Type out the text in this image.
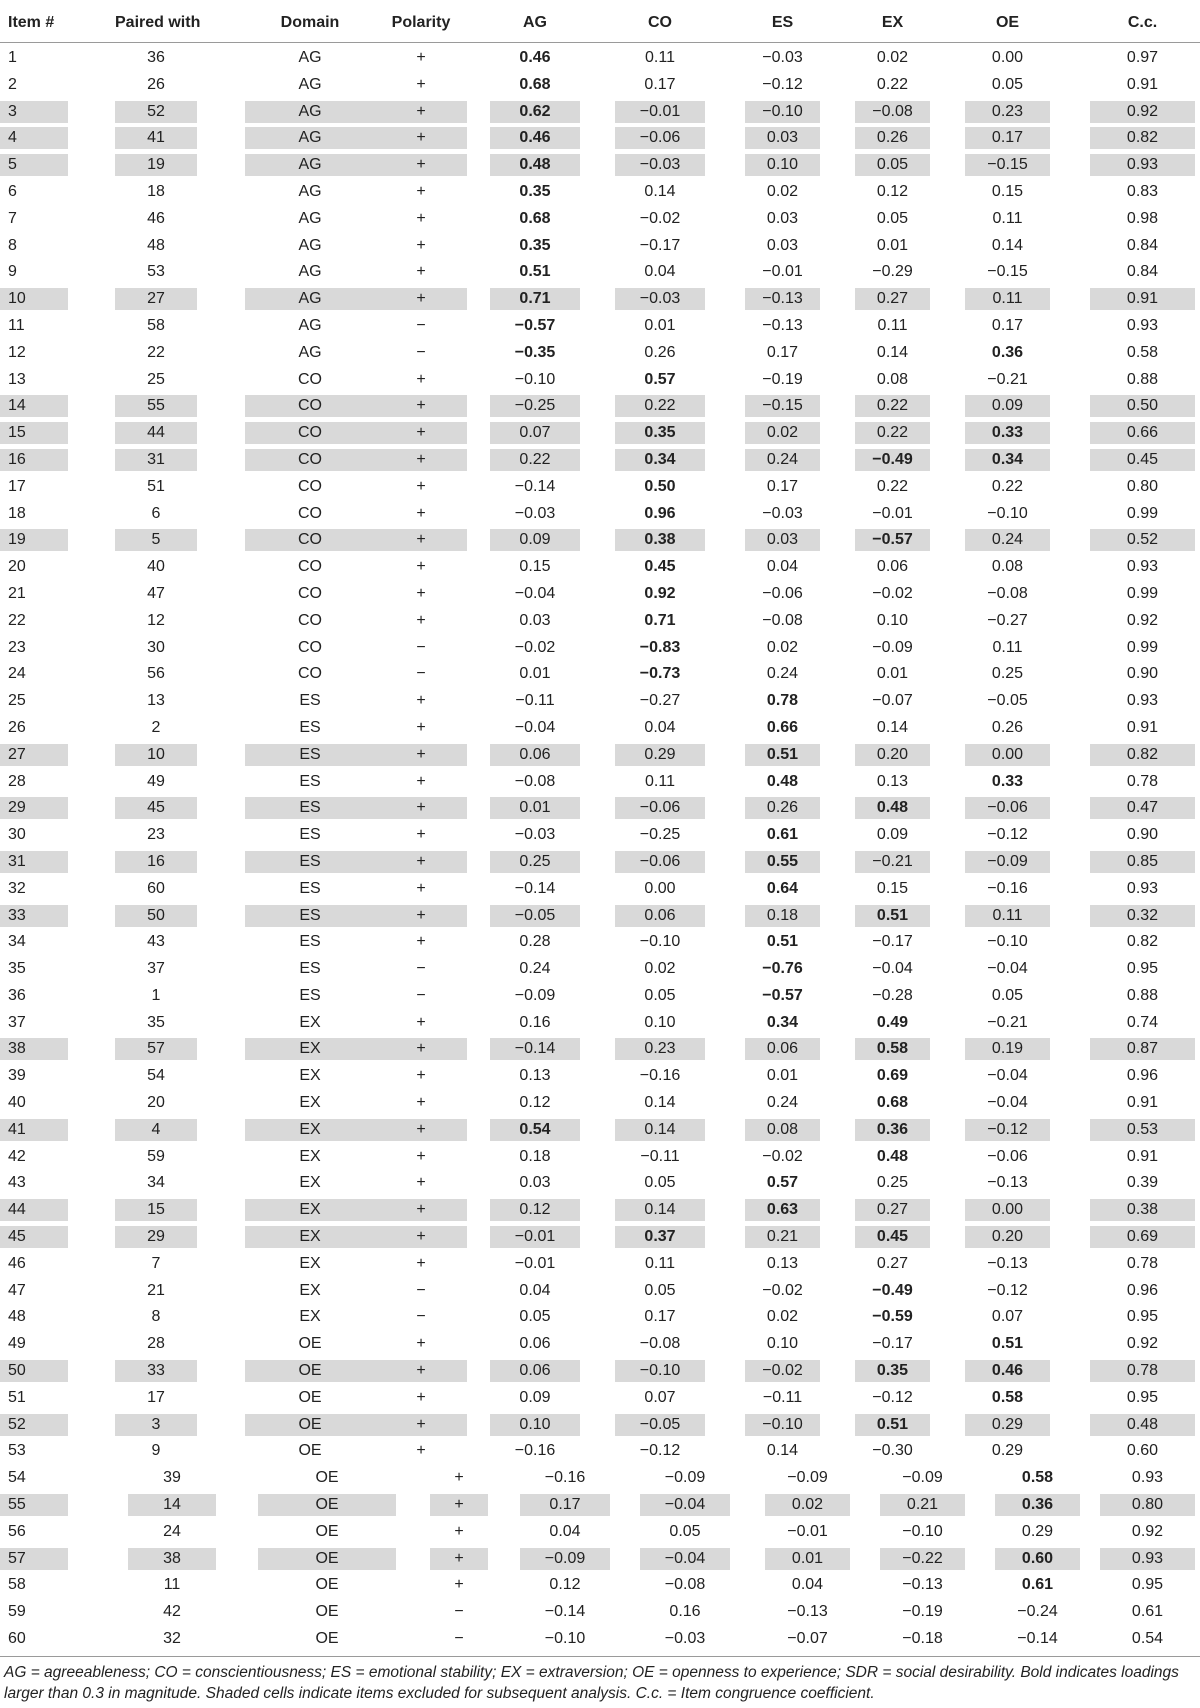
Item #	Paired with	Domain	Polarity	AG	CO	ES	EX	OE	C.c.
1	36	AG	+	0.46	0.11	−0.03	0.02	0.00	0.97
2	26	AG	+	0.68	0.17	−0.12	0.22	0.05	0.91
3	52	AG	+	0.62	−0.01	−0.10	−0.08	0.23	0.92
4	41	AG	+	0.46	−0.06	0.03	0.26	0.17	0.82
5	19	AG	+	0.48	−0.03	0.10	0.05	−0.15	0.93
6	18	AG	+	0.35	0.14	0.02	0.12	0.15	0.83
7	46	AG	+	0.68	−0.02	0.03	0.05	0.11	0.98
8	48	AG	+	0.35	−0.17	0.03	0.01	0.14	0.84
9	53	AG	+	0.51	0.04	−0.01	−0.29	−0.15	0.84
10	27	AG	+	0.71	−0.03	−0.13	0.27	0.11	0.91
11	58	AG	−	−0.57	0.01	−0.13	0.11	0.17	0.93
12	22	AG	−	−0.35	0.26	0.17	0.14	0.36	0.58
13	25	CO	+	−0.10	0.57	−0.19	0.08	−0.21	0.88
14	55	CO	+	−0.25	0.22	−0.15	0.22	0.09	0.50
15	44	CO	+	0.07	0.35	0.02	0.22	0.33	0.66
16	31	CO	+	0.22	0.34	0.24	−0.49	0.34	0.45
17	51	CO	+	−0.14	0.50	0.17	0.22	0.22	0.80
18	6	CO	+	−0.03	0.96	−0.03	−0.01	−0.10	0.99
19	5	CO	+	0.09	0.38	0.03	−0.57	0.24	0.52
20	40	CO	+	0.15	0.45	0.04	0.06	0.08	0.93
21	47	CO	+	−0.04	0.92	−0.06	−0.02	−0.08	0.99
22	12	CO	+	0.03	0.71	−0.08	0.10	−0.27	0.92
23	30	CO	−	−0.02	−0.83	0.02	−0.09	0.11	0.99
24	56	CO	−	0.01	−0.73	0.24	0.01	0.25	0.90
25	13	ES	+	−0.11	−0.27	0.78	−0.07	−0.05	0.93
26	2	ES	+	−0.04	0.04	0.66	0.14	0.26	0.91
27	10	ES	+	0.06	0.29	0.51	0.20	0.00	0.82
28	49	ES	+	−0.08	0.11	0.48	0.13	0.33	0.78
29	45	ES	+	0.01	−0.06	0.26	0.48	−0.06	0.47
30	23	ES	+	−0.03	−0.25	0.61	0.09	−0.12	0.90
31	16	ES	+	0.25	−0.06	0.55	−0.21	−0.09	0.85
32	60	ES	+	−0.14	0.00	0.64	0.15	−0.16	0.93
33	50	ES	+	−0.05	0.06	0.18	0.51	0.11	0.32
34	43	ES	+	0.28	−0.10	0.51	−0.17	−0.10	0.82
35	37	ES	−	0.24	0.02	−0.76	−0.04	−0.04	0.95
36	1	ES	−	−0.09	0.05	−0.57	−0.28	0.05	0.88
37	35	EX	+	0.16	0.10	0.34	0.49	−0.21	0.74
38	57	EX	+	−0.14	0.23	0.06	0.58	0.19	0.87
39	54	EX	+	0.13	−0.16	0.01	0.69	−0.04	0.96
40	20	EX	+	0.12	0.14	0.24	0.68	−0.04	0.91
41	4	EX	+	0.54	0.14	0.08	0.36	−0.12	0.53
42	59	EX	+	0.18	−0.11	−0.02	0.48	−0.06	0.91
43	34	EX	+	0.03	0.05	0.57	0.25	−0.13	0.39
44	15	EX	+	0.12	0.14	0.63	0.27	0.00	0.38
45	29	EX	+	−0.01	0.37	0.21	0.45	0.20	0.69
46	7	EX	+	−0.01	0.11	0.13	0.27	−0.13	0.78
47	21	EX	−	0.04	0.05	−0.02	−0.49	−0.12	0.96
48	8	EX	−	0.05	0.17	0.02	−0.59	0.07	0.95
49	28	OE	+	0.06	−0.08	0.10	−0.17	0.51	0.92
50	33	OE	+	0.06	−0.10	−0.02	0.35	0.46	0.78
51	17	OE	+	0.09	0.07	−0.11	−0.12	0.58	0.95
52	3	OE	+	0.10	−0.05	−0.10	0.51	0.29	0.48
53	9	OE	+	−0.16	−0.12	0.14	−0.30	0.29	0.60
54	39	OE	+	−0.16	−0.09	−0.09	−0.09	0.58	0.93
55	14	OE	+	0.17	−0.04	0.02	0.21	0.36	0.80
56	24	OE	+	0.04	0.05	−0.01	−0.10	0.29	0.92
57	38	OE	+	−0.09	−0.04	0.01	−0.22	0.60	0.93
58	11	OE	+	0.12	−0.08	0.04	−0.13	0.61	0.95
59	42	OE	−	−0.14	0.16	−0.13	−0.19	−0.24	0.61
60	32	OE	−	−0.10	−0.03	−0.07	−0.18	−0.14	0.54
AG = agreeableness; CO = conscientiousness; ES = emotional stability; EX = extraversion; OE = openness to experience; SDR = social desirability. Bold indicates loadings larger than 0.3 in magnitude. Shaded cells indicate items excluded for subsequent analysis. C.c. = Item congruence coefficient.
